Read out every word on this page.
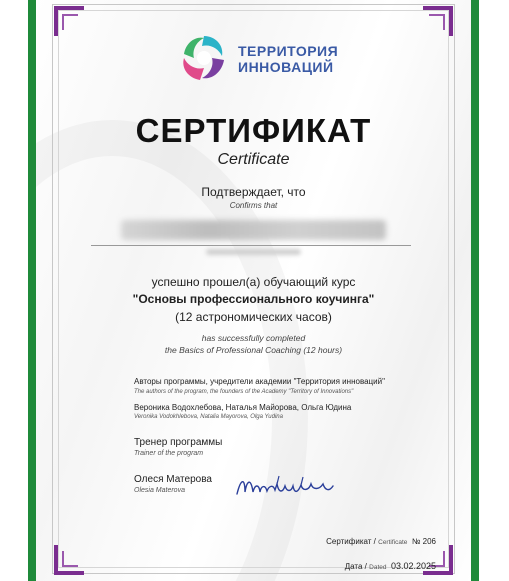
ТЕРРИТОРИЯ
ИННОВАЦИЙ
СЕРТИФИКАТ
Certificate
Подтверждает, что
Confirms that
успешно прошел(а) обучающий курс
"Основы профессионального коучинга"
(12 астрономических часов)
has successfully completed
the Basics of Professional Coaching (12 hours)
Авторы программы, учредители академии "Территория инноваций"
The authors of the program, the founders of the Academy "Territory of Innovations"
Вероника Водохлебова, Наталья Майорова, Ольга Юдина
Veronika Vodokhlebova, Natalia Mayorova, Olga Yudina
Тренер программы
Trainer of the program
Олеся Матерова
Olesia Materova
Сертификат / Certificate № 206
Дата / Dated 03.02.2025
